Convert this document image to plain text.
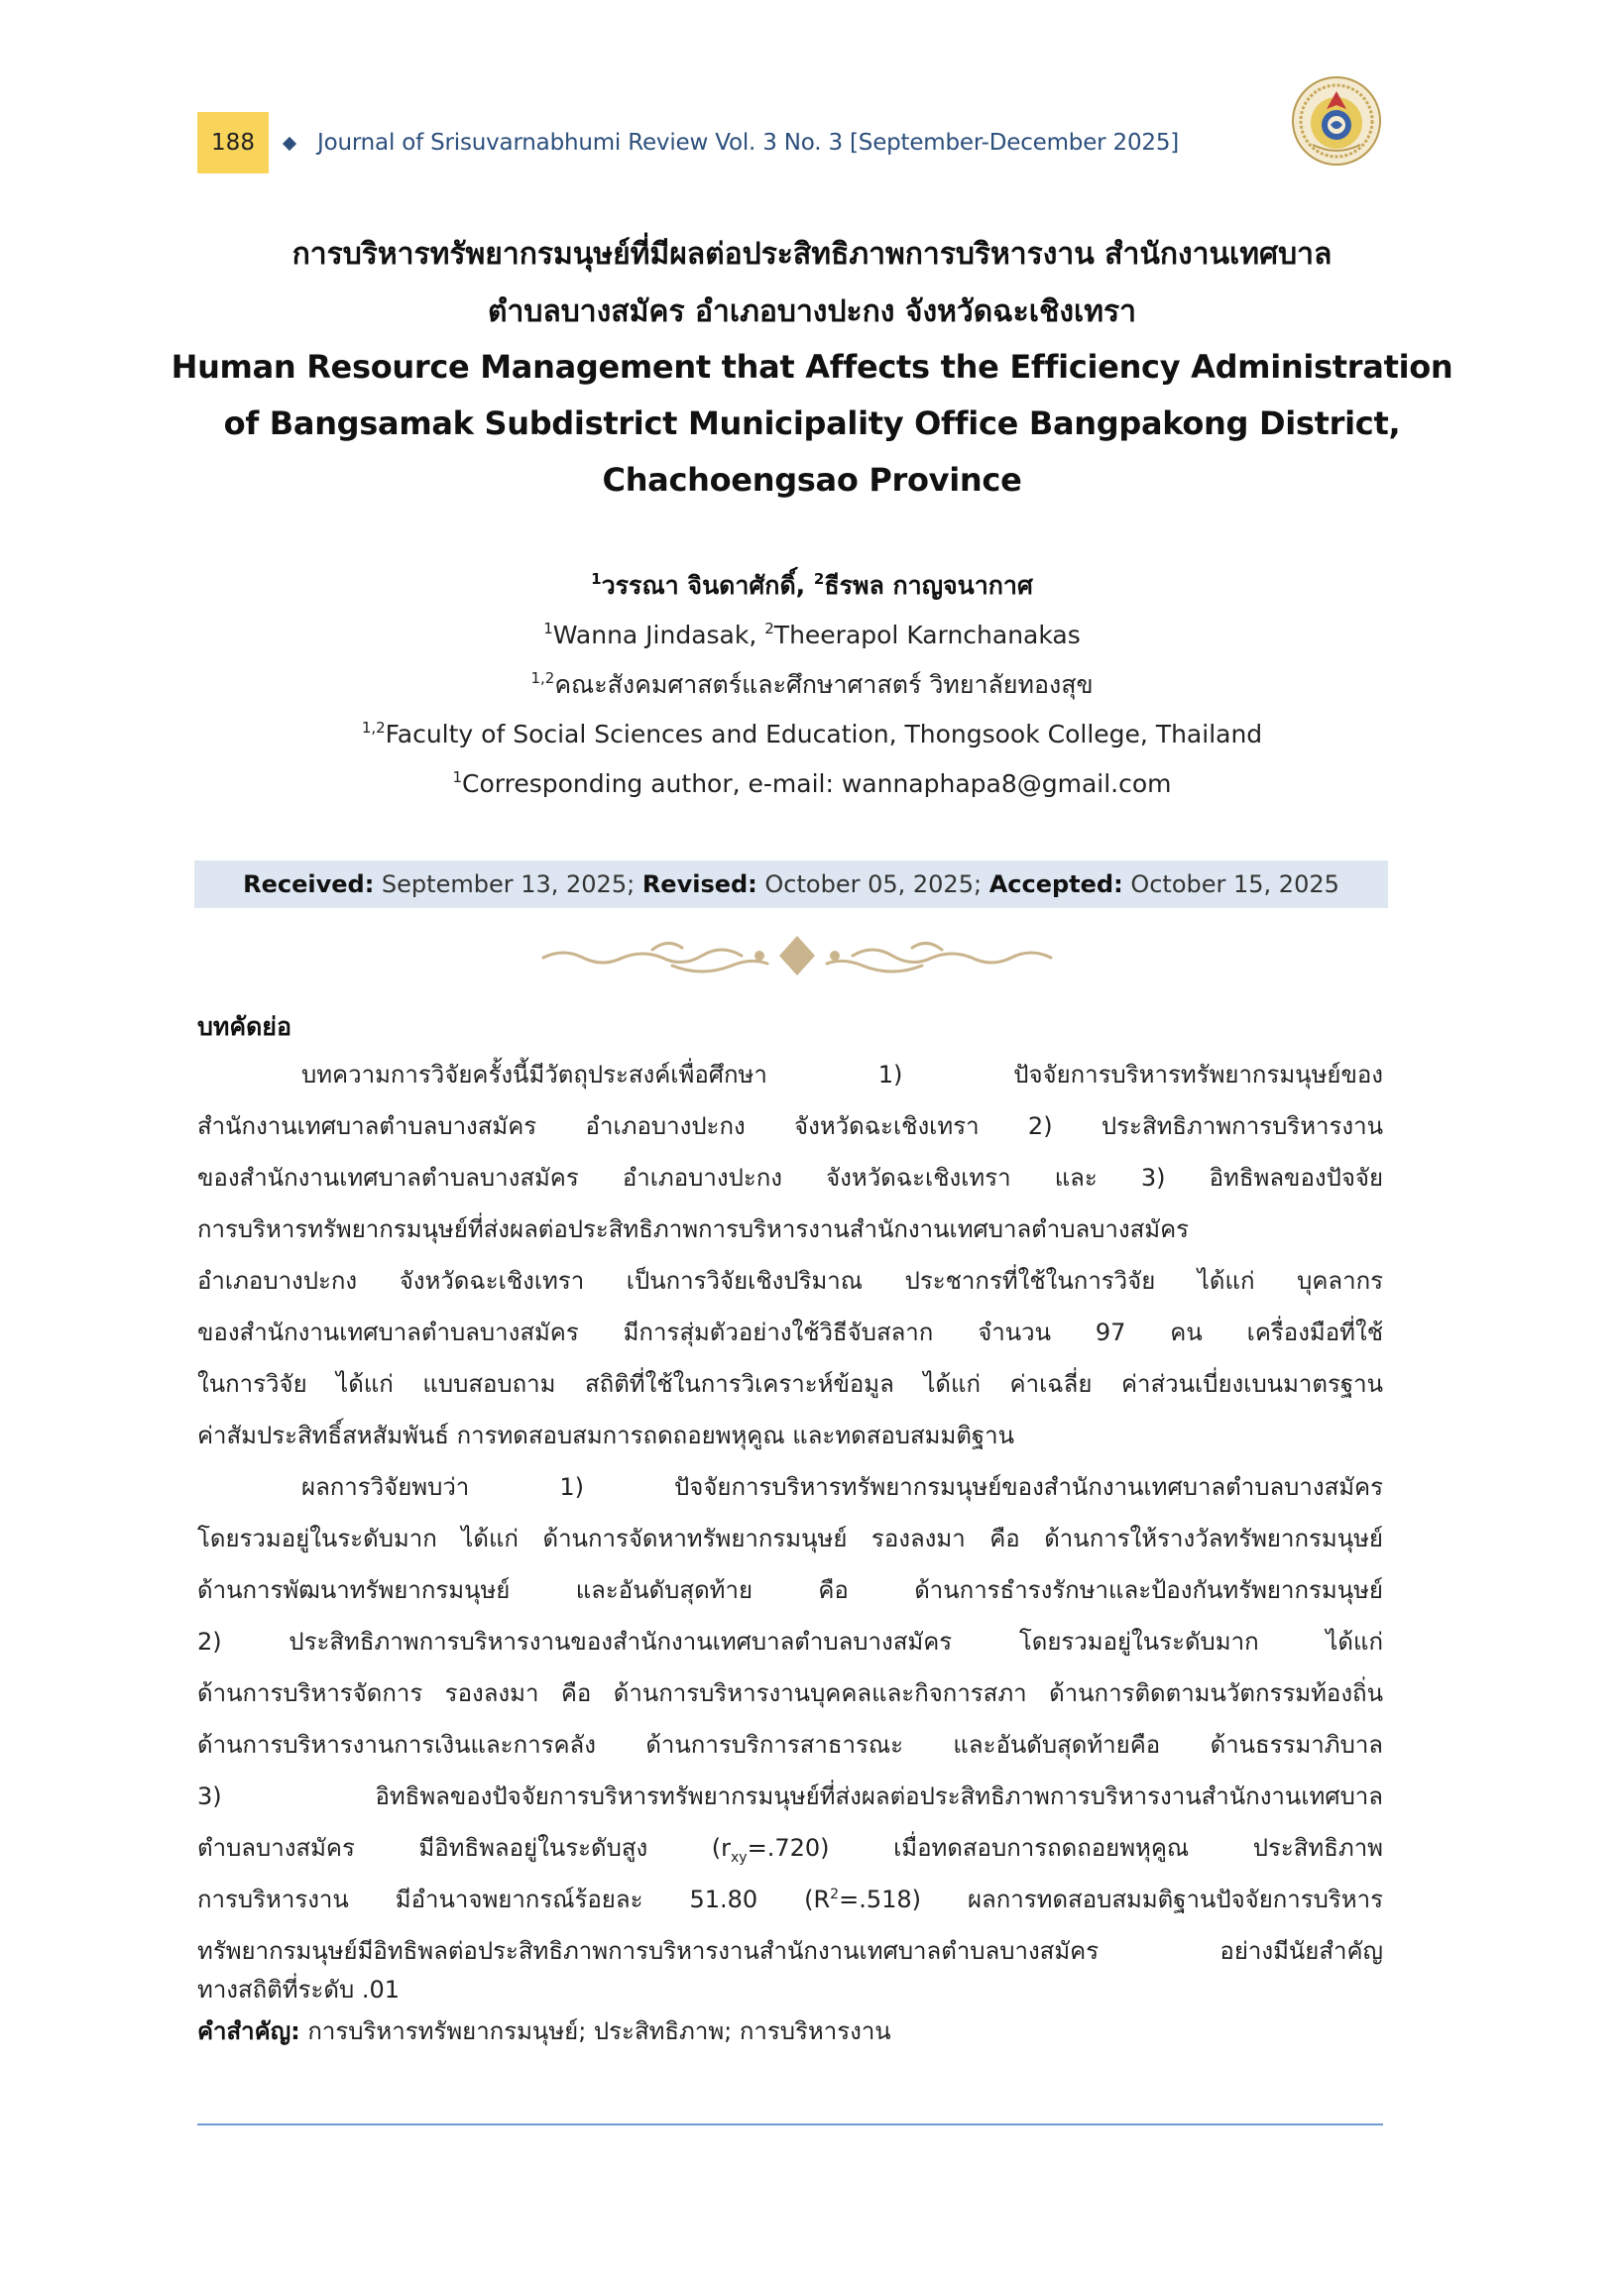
188	Journal of Srisuvarnabhumi Review Vol. 3 No. 3 [September-December 2025]
การบริหารทรัพยากรมนุษย์ที่มีผลต่อประสิทธิภาพการบริหารงาน สำนักงานเทศบาล
ตำบลบางสมัคร อำเภอบางปะกง จังหวัดฉะเชิงเทรา
Human Resource Management that Affects the Efficiency Administration
of Bangsamak Subdistrict Municipality Office Bangpakong District,
Chachoengsao Province
$^1$วรรณา จินดาศักดิ์, $^2$ธีรพล กาญจนากาศ
$^1$Wanna Jindasak, $^2$Theerapol Karnchanakas
$^{1,2}$คณะสังคมศาสตร์และศึกษาศาสตร์ วิทยาลัยทองสุข
$^{1,2}$Faculty of Social Sciences and Education, Thongsook College, Thailand
$^1$Corresponding author, e-mail: wannaphapa8@gmail.com
Received: September 13, 2025; Revised: October 05, 2025; Accepted: October 15, 2025
บทคัดย่อ
บทความการวิจัยครั้งนี้มีวัตถุประสงค์เพื่อศึกษา 1) ปัจจัยการบริหารทรัพยากรมนุษย์ของ
สำนักงานเทศบาลตำบลบางสมัคร อำเภอบางปะกง จังหวัดฉะเชิงเทรา 2) ประสิทธิภาพการบริหารงาน
ของสำนักงานเทศบาลตำบลบางสมัคร อำเภอบางปะกง จังหวัดฉะเชิงเทรา และ 3) อิทธิพลของปัจจัย
การบริหารทรัพยากรมนุษย์ที่ส่งผลต่อประสิทธิภาพการบริหารงานสำนักงานเทศบาลตำบลบางสมัคร
อำเภอบางปะกง จังหวัดฉะเชิงเทรา เป็นการวิจัยเชิงปริมาณ ประชากรที่ใช้ในการวิจัย ได้แก่ บุคลากร
ของสำนักงานเทศบาลตำบลบางสมัคร มีการสุ่มตัวอย่างใช้วิธีจับสลาก จำนวน 97 คน เครื่องมือที่ใช้
ในการวิจัย ได้แก่ แบบสอบถาม สถิติที่ใช้ในการวิเคราะห์ข้อมูล ได้แก่ ค่าเฉลี่ย ค่าส่วนเบี่ยงเบนมาตรฐาน
ค่าสัมประสิทธิ์สหสัมพันธ์ การทดสอบสมการถดถอยพหุคูณ และทดสอบสมมติฐาน
ผลการวิจัยพบว่า 1) ปัจจัยการบริหารทรัพยากรมนุษย์ของสำนักงานเทศบาลตำบลบางสมัคร
โดยรวมอยู่ในระดับมาก ได้แก่ ด้านการจัดหาทรัพยากรมนุษย์ รองลงมา คือ ด้านการให้รางวัลทรัพยากรมนุษย์
ด้านการพัฒนาทรัพยากรมนุษย์ และอันดับสุดท้าย คือ ด้านการธำรงรักษาและป้องกันทรัพยากรมนุษย์
2) ประสิทธิภาพการบริหารงานของสำนักงานเทศบาลตำบลบางสมัคร โดยรวมอยู่ในระดับมาก ได้แก่
ด้านการบริหารจัดการ รองลงมา คือ ด้านการบริหารงานบุคคลและกิจการสภา ด้านการติดตามนวัตกรรมท้องถิ่น
ด้านการบริหารงานการเงินและการคลัง ด้านการบริการสาธารณะ และอันดับสุดท้ายคือ ด้านธรรมาภิบาล
3) อิทธิพลของปัจจัยการบริหารทรัพยากรมนุษย์ที่ส่งผลต่อประสิทธิภาพการบริหารงานสำนักงานเทศบาล
ตำบลบางสมัคร มีอิทธิพลอยู่ในระดับสูง $(r_{xy}=.720)$ เมื่อทดสอบการถดถอยพหุคูณ ประสิทธิภาพ
การบริหารงาน มีอำนาจพยากรณ์ร้อยละ 51.80 $(R^2=.518)$ ผลการทดสอบสมมติฐานปัจจัยการบริหาร
ทรัพยากรมนุษย์มีอิทธิพลต่อประสิทธิภาพการบริหารงานสำนักงานเทศบาลตำบลบางสมัคร อย่างมีนัยสำคัญ
ทางสถิติที่ระดับ .01
คำสำคัญ: การบริหารทรัพยากรมนุษย์; ประสิทธิภาพ; การบริหารงาน
